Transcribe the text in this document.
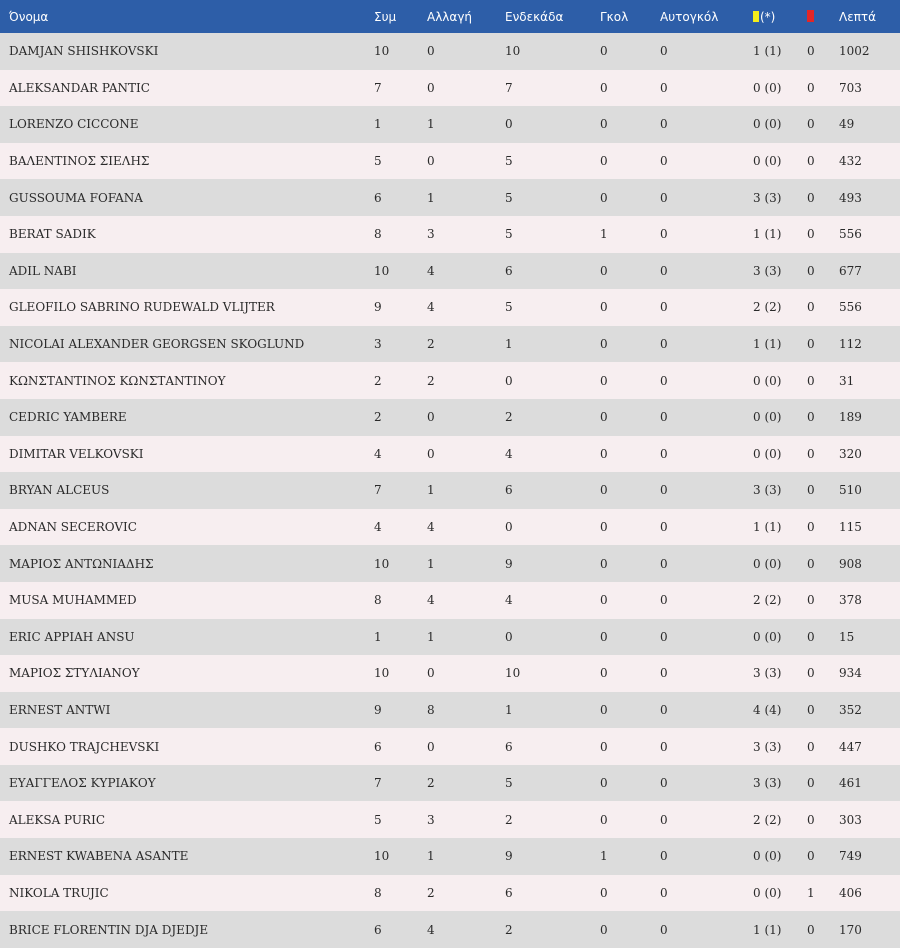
Όνομα	Συμ	Αλλαγή	Ενδεκάδα	Γκολ	Αυτογκόλ	(*)		Λεπτά
DAMJAN SHISHKOVSKI	10	0	10	0	0	1 (1)	0	1002
ALEKSANDAR PANTIC	7	0	7	0	0	0 (0)	0	703
LORENZO CICCONE	1	1	0	0	0	0 (0)	0	49
ΒΑΛΕΝΤΙΝΟΣ ΣΙΕΛΗΣ	5	0	5	0	0	0 (0)	0	432
GUSSOUMA FOFANA	6	1	5	0	0	3 (3)	0	493
BERAT SADIK	8	3	5	1	0	1 (1)	0	556
ADIL NABI	10	4	6	0	0	3 (3)	0	677
GLEOFILO SABRINO RUDEWALD VLIJTER	9	4	5	0	0	2 (2)	0	556
NICOLAI ALEXANDER GEORGSEN SKOGLUND	3	2	1	0	0	1 (1)	0	112
ΚΩΝΣΤΑΝΤΙΝΟΣ ΚΩΝΣΤΑΝΤΙΝΟΥ	2	2	0	0	0	0 (0)	0	31
CEDRIC YAMBERE	2	0	2	0	0	0 (0)	0	189
DIMITAR VELKOVSKI	4	0	4	0	0	0 (0)	0	320
BRYAN ALCEUS	7	1	6	0	0	3 (3)	0	510
ADNAN SECEROVIC	4	4	0	0	0	1 (1)	0	115
ΜΑΡΙΟΣ ΑΝΤΩΝΙΑΔΗΣ	10	1	9	0	0	0 (0)	0	908
MUSA MUHAMMED	8	4	4	0	0	2 (2)	0	378
ERIC APPIAH ANSU	1	1	0	0	0	0 (0)	0	15
ΜΑΡΙΟΣ ΣΤΥΛΙΑΝΟΥ	10	0	10	0	0	3 (3)	0	934
ERNEST ANTWI	9	8	1	0	0	4 (4)	0	352
DUSHKO TRAJCHEVSKI	6	0	6	0	0	3 (3)	0	447
ΕΥΑΓΓΕΛΟΣ ΚΥΡΙΑΚΟΥ	7	2	5	0	0	3 (3)	0	461
ALEKSA PURIC	5	3	2	0	0	2 (2)	0	303
ERNEST KWABENA ASANTE	10	1	9	1	0	0 (0)	0	749
NIKOLA TRUJIC	8	2	6	0	0	0 (0)	1	406
BRICE FLORENTIN DJA DJEDJE	6	4	2	0	0	1 (1)	0	170
